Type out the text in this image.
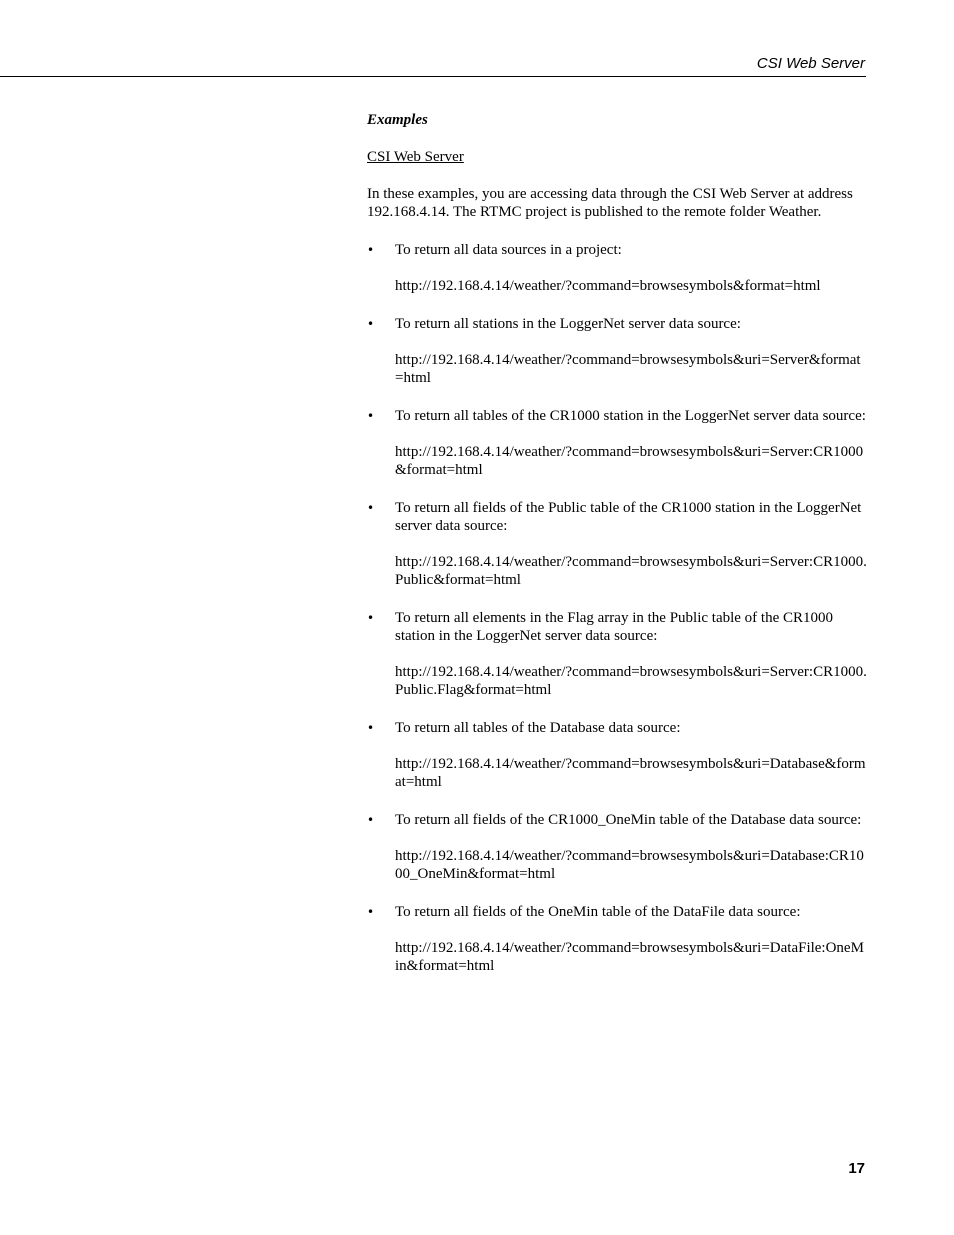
CSI Web Server
Examples
CSI Web Server
In these examples, you are accessing data through the CSI Web Server at address 192.168.4.14. The RTMC project is published to the remote folder Weather.
•	To return all data sources in a project:

http://192.168.4.14/weather/?command=browsesymbols&format=html

•	To return all stations in the LoggerNet server data source:

http://192.168.4.14/weather/?command=browsesymbols&uri=Server&format=html

•	To return all tables of the CR1000 station in the LoggerNet server data source:

http://192.168.4.14/weather/?command=browsesymbols&uri=Server:CR1000&format=html

•	To return all fields of the Public table of the CR1000 station in the LoggerNet server data source:

http://192.168.4.14/weather/?command=browsesymbols&uri=Server:CR1000.Public&format=html

•	To return all elements in the Flag array in the Public table of the CR1000 station in the LoggerNet server data source:

http://192.168.4.14/weather/?command=browsesymbols&uri=Server:CR1000.Public.Flag&format=html

•	To return all tables of the Database data source:

http://192.168.4.14/weather/?command=browsesymbols&uri=Database&format=html

•	To return all fields of the CR1000_OneMin table of the Database data source:

http://192.168.4.14/weather/?command=browsesymbols&uri=Database:CR1000_OneMin&format=html

•	To return all fields of the OneMin table of the DataFile data source:

http://192.168.4.14/weather/?command=browsesymbols&uri=DataFile:OneMin&format=html

17
